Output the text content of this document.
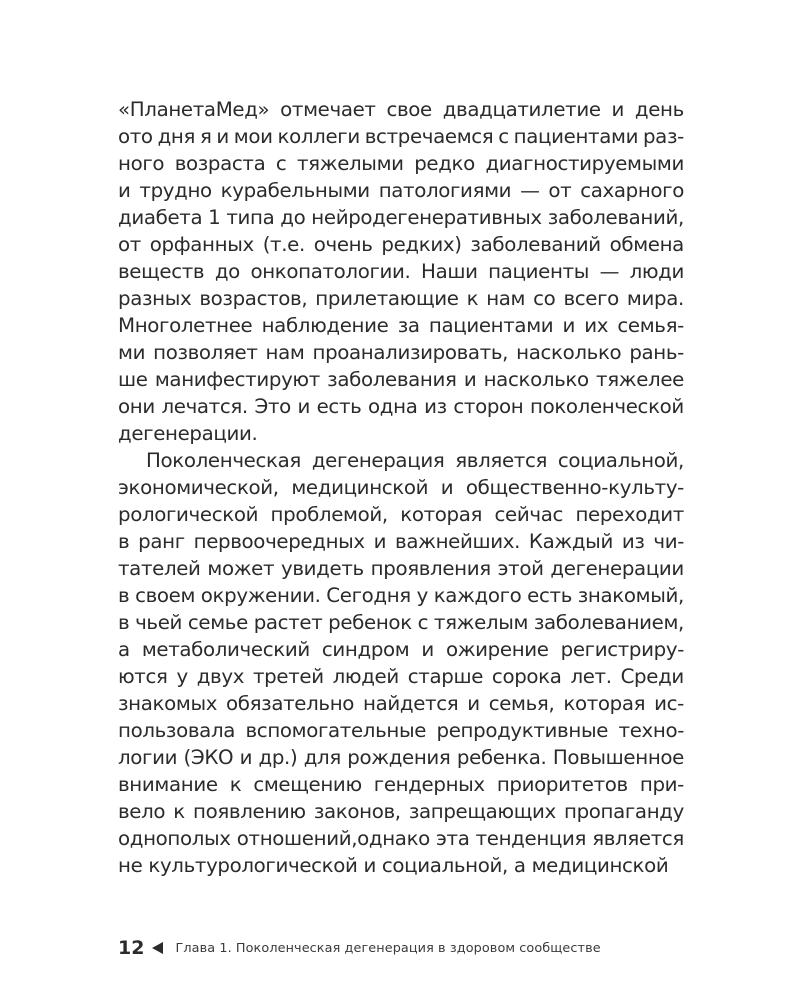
«ПланетаМед» отмечает свое двадцатилетие и день
ото дня я и мои коллеги встречаемся с пациентами раз-
ного возраста с тяжелыми редко диагностируемыми
и трудно курабельными патологиями — от сахарного
диабета 1 типа до нейродегенеративных заболеваний,
от орфанных (т.е. очень редких) заболеваний обмена
веществ до онкопатологии. Наши пациенты — люди
разных возрастов, прилетающие к нам со всего мира.
Многолетнее наблюдение за пациентами и их семья-
ми позволяет нам проанализировать, насколько рань-
ше манифестируют заболевания и насколько тяжелее
они лечатся. Это и есть одна из сторон поколенческой
дегенерации.
Поколенческая дегенерация является социальной,
экономической, медицинской и общественно-культу-
рологической проблемой, которая сейчас переходит
в ранг первоочередных и важнейших. Каждый из чи-
тателей может увидеть проявления этой дегенерации
в своем окружении. Сегодня у каждого есть знакомый,
в чьей семье растет ребенок с тяжелым заболеванием,
а метаболический синдром и ожирение регистриру-
ются у двух третей людей старше сорока лет. Среди
знакомых обязательно найдется и семья, которая ис-
пользовала вспомогательные репродуктивные техно-
логии (ЭКО и др.) для рождения ребенка. Повышенное
внимание к смещению гендерных приоритетов при-
вело к появлению законов, запрещающих пропаганду
однополых отношений,однако эта тенденция является
не культурологической и социальной, а медицинской
12 Глава 1. Поколенческая дегенерация в здоровом сообществе
